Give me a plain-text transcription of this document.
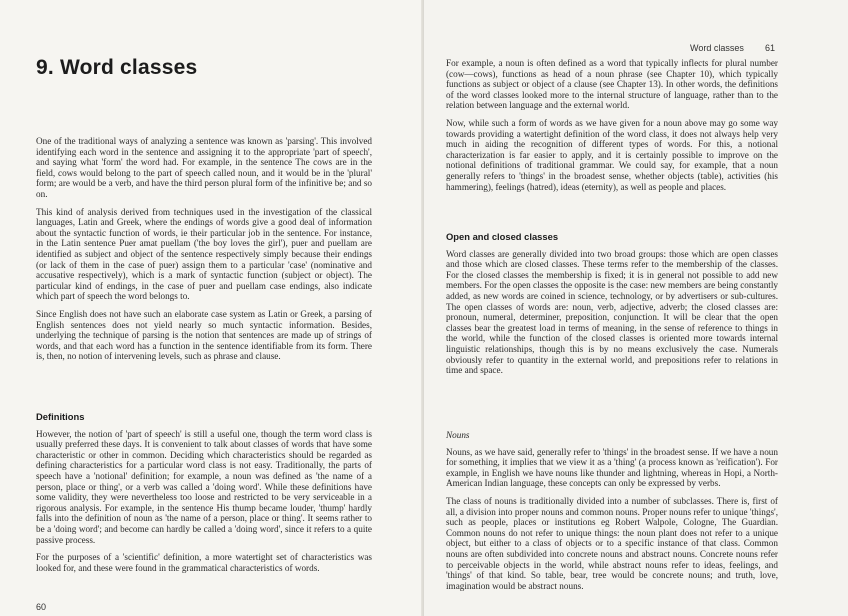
9. Word classes

One of the traditional ways of analyzing a sentence was known as 'parsing'. This involved identifying each word in the sentence and assigning it to the appropriate 'part of speech', and saying what 'form' the word had. For example, in the sentence The cows are in the field, cows would belong to the part of speech called noun, and it would be in the 'plural' form; are would be a verb, and have the third person plural form of the infinitive be; and so on.

This kind of analysis derived from techniques used in the investigation of the classical languages, Latin and Greek, where the endings of words give a good deal of information about the syntactic function of words, ie their particular job in the sentence. For instance, in the Latin sentence Puer amat puellam ('the boy loves the girl'), puer and puellam are identified as subject and object of the sentence respectively simply because their endings (or lack of them in the case of puer) assign them to a particular 'case' (nominative and accusative respectively), which is a mark of syntactic function (subject or object). The particular kind of endings, in the case of puer and puellam case endings, also indicate which part of speech the word belongs to.

Since English does not have such an elaborate case system as Latin or Greek, a parsing of English sentences does not yield nearly so much syntactic information. Besides, underlying the technique of parsing is the notion that sentences are made up of strings of words, and that each word has a function in the sentence identifiable from its form. There is, then, no notion of intervening levels, such as phrase and clause.

Definitions

However, the notion of 'part of speech' is still a useful one, though the term word class is usually preferred these days. It is convenient to talk about classes of words that have some characteristic or other in common. Deciding which characteristics should be regarded as defining characteristics for a particular word class is not easy. Traditionally, the parts of speech have a 'notional' definition; for example, a noun was defined as 'the name of a person, place or thing', or a verb was called a 'doing word'. While these definitions have some validity, they were nevertheless too loose and restricted to be very serviceable in a rigorous analysis. For example, in the sentence His thump became louder, 'thump' hardly falls into the definition of noun as 'the name of a person, place or thing'. It seems rather to be a 'doing word'; and become can hardly be called a 'doing word', since it refers to a quite passive process.

For the purposes of a 'scientific' definition, a more watertight set of characteristics was looked for, and these were found in the grammatical characteristics of words.

60
Word classes 61

For example, a noun is often defined as a word that typically inflects for plural number (cow—cows), functions as head of a noun phrase (see Chapter 10), which typically functions as subject or object of a clause (see Chapter 13). In other words, the definitions of the word classes looked more to the internal structure of language, rather than to the relation between language and the external world.

Now, while such a form of words as we have given for a noun above may go some way towards providing a watertight definition of the word class, it does not always help very much in aiding the recognition of different types of words. For this, a notional characterization is far easier to apply, and it is certainly possible to improve on the notional definitions of traditional grammar. We could say, for example, that a noun generally refers to 'things' in the broadest sense, whether objects (table), activities (his hammering), feelings (hatred), ideas (eternity), as well as people and places.

Open and closed classes

Word classes are generally divided into two broad groups: those which are open classes and those which are closed classes. These terms refer to the membership of the classes. For the closed classes the membership is fixed; it is in general not possible to add new members. For the open classes the opposite is the case: new members are being constantly added, as new words are coined in science, technology, or by advertisers or sub-cultures. The open classes of words are: noun, verb, adjective, adverb; the closed classes are: pronoun, numeral, determiner, preposition, conjunction. It will be clear that the open classes bear the greatest load in terms of meaning, in the sense of reference to things in the world, while the function of the closed classes is oriented more towards internal linguistic relationships, though this is by no means exclusively the case. Numerals obviously refer to quantity in the external world, and prepositions refer to relations in time and space.

Nouns

Nouns, as we have said, generally refer to 'things' in the broadest sense. If we have a noun for something, it implies that we view it as a 'thing' (a process known as 'reification'). For example, in English we have nouns like thunder and lightning, whereas in Hopi, a North-American Indian language, these concepts can only be expressed by verbs.

The class of nouns is traditionally divided into a number of subclasses. There is, first of all, a division into proper nouns and common nouns. Proper nouns refer to unique 'things', such as people, places or institutions eg Robert Walpole, Cologne, The Guardian. Common nouns do not refer to unique things: the noun plant does not refer to a unique object, but either to a class of objects or to a specific instance of that class. Common nouns are often subdivided into concrete nouns and abstract nouns. Concrete nouns refer to perceivable objects in the world, while abstract nouns refer to ideas, feelings, and 'things' of that kind. So table, bear, tree would be concrete nouns; and truth, love, imagination would be abstract nouns.
